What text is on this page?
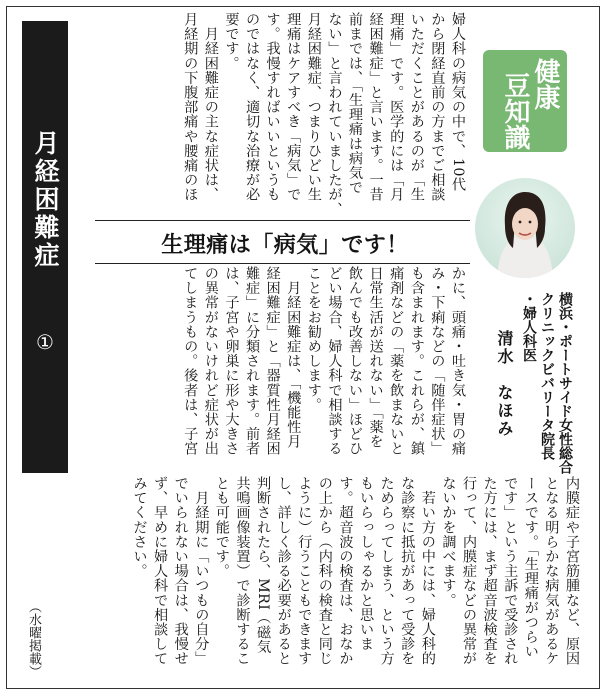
月経困難症
①
婦人科の病気の中で、10代
から閉経直前の方までご相談
いただくことがあるのが「生
理痛」です。医学的には「月
経困難症」と言います。一昔
前までは、「生理痛は病気で
ない」と言われていましたが、
月経困難症、つまりひどい生
理痛はケアすべき「病気」で
す。我慢すればいいというも
のではなく、適切な治療が必
要です。
　月経困難症の主な症状は、
月経期の下腹部痛や腰痛のほ
生理痛は「病気」です！
かに、頭痛・吐き気・胃の痛
み・下痢などの「随伴症状」
も含まれます。これらが、鎮
痛剤などの「薬を飲まないと
日常生活が送れない」「薬を
飲んでも改善しない」ほどひ
どい場合、婦人科で相談する
ことをお勧めします。
　月経困難症は、「機能性月
経困難症」と「器質性月経困
難症」に分類されます。前者
は、子宮や卵巣に形や大きさ
の異常がないけれど症状が出
てしまうもの。後者は、子宮
内膜症や子宮筋腫など、原因
となる明らかな病気があるケ
ースです。「生理痛がつらい
です」という主訴で受診され
た方には、まず超音波検査を
行って、内膜症などの異常が
ないかを調べます。
　若い方の中には、婦人科的
な診察に抵抗があって受診を
ためらってしまう、という方
もいらっしゃるかと思いま
す。超音波の検査は、おなか
の上から（内科の検査と同じ
ように）行うこともできます
し、詳しく診る必要があると
判断されたら、MRI（磁気
共鳴画像装置）で診断するこ
とも可能です。
　月経期に「いつもの自分」
でいられない場合は、我慢せ
ず、早めに婦人科で相談して
みてください。
（水曜掲載）
健康
豆知識
横浜・ポートサイド女性総合
クリニックビバリータ院長
・婦人科医
清水　なほみ
